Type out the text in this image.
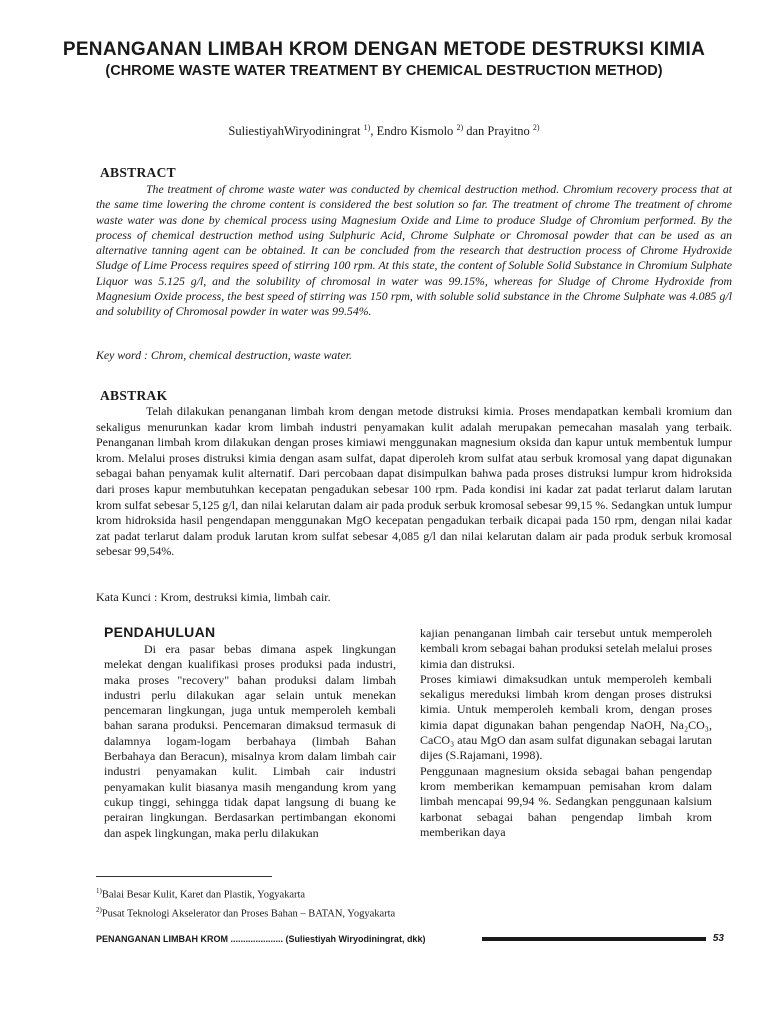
PENANGANAN LIMBAH KROM DENGAN METODE DESTRUKSI KIMIA
(CHROME WASTE WATER TREATMENT BY CHEMICAL DESTRUCTION METHOD)
SuliestiyahWiryodiningrat $^{1)}$, Endro Kismolo $^{2)}$ dan Prayitno $^{2)}$
ABSTRACT
The treatment of chrome waste water was conducted by chemical destruction method. Chromium recovery process that at the same time lowering the chrome content is considered the best solution so far. The treatment of chrome The treatment of chrome waste water was done by chemical process using Magnesium Oxide and Lime to produce Sludge of Chromium performed. By the process of chemical destruction method using Sulphuric Acid, Chrome Sulphate or Chromosal powder that can be used as an alternative tanning agent can be obtained. It can be concluded from the research that destruction process of Chrome Hydroxide Sludge of Lime Process requires speed of stirring 100 rpm. At this state, the content of Soluble Solid Substance in Chromium Sulphate Liquor was 5.125 g/l, and the solubility of chromosal in water was 99.15%, whereas for Sludge of Chrome Hydroxide from Magnesium Oxide process, the best speed of stirring was 150 rpm, with soluble solid substance in the Chrome Sulphate was 4.085 g/l and solubility of Chromosal powder in water was 99.54%.
Key word : Chrom, chemical destruction, waste water.
ABSTRAK
Telah dilakukan penanganan limbah krom dengan metode distruksi kimia. Proses mendapatkan kembali kromium dan sekaligus menurunkan kadar krom limbah industri penyamakan kulit adalah merupakan pemecahan masalah yang terbaik. Penanganan limbah krom dilakukan dengan proses kimiawi menggunakan magnesium oksida dan kapur untuk membentuk lumpur krom. Melalui proses distruksi kimia dengan asam sulfat, dapat diperoleh krom sulfat atau serbuk kromosal yang dapat digunakan sebagai bahan penyamak kulit alternatif. Dari percobaan dapat disimpulkan bahwa pada proses distruksi lumpur krom hidroksida dari proses kapur membutuhkan kecepatan pengadukan sebesar 100 rpm. Pada kondisi ini kadar zat padat terlarut dalam larutan krom sulfat sebesar 5,125 g/l, dan nilai kelarutan dalam air pada produk serbuk kromosal sebesar 99,15 %. Sedangkan untuk lumpur krom hidroksida hasil pengendapan menggunakan MgO kecepatan pengadukan terbaik dicapai pada 150 rpm, dengan nilai kadar zat padat terlarut dalam produk larutan krom sulfat sebesar 4,085 g/l dan nilai kelarutan dalam air pada produk serbuk kromosal sebesar 99,54%.
Kata Kunci : Krom, destruksi kimia, limbah cair.
PENDAHULUAN
Di era pasar bebas dimana aspek lingkungan melekat dengan kualifikasi proses produksi pada industri, maka proses "recovery" bahan produksi dalam limbah industri perlu dilakukan agar selain untuk menekan pencemaran lingkungan, juga untuk memperoleh kembali bahan sarana produksi. Pencemaran dimaksud termasuk di dalamnya logam-logam berbahaya (limbah Bahan Berbahaya dan Beracun), misalnya krom dalam limbah cair industri penyamakan kulit. Limbah cair industri penyamakan kulit biasanya masih mengandung krom yang cukup tinggi, sehingga tidak dapat langsung di buang ke perairan lingkungan. Berdasarkan pertimbangan ekonomi dan aspek lingkungan, maka perlu dilakukan

kajian penanganan limbah cair tersebut untuk memperoleh kembali krom sebagai bahan produksi setelah melalui proses kimia dan distruksi.

Proses kimiawi dimaksudkan untuk memperoleh kembali sekaligus mereduksi limbah krom dengan proses distruksi kimia. Untuk memperoleh kembali krom, dengan proses kimia dapat digunakan bahan pengendap NaOH, Na₂CO₃, CaCO₃ atau MgO dan asam sulfat digunakan sebagai larutan dijes (S.Rajamani, 1998).

Penggunaan magnesium oksida sebagai bahan pengendap krom memberikan kemampuan pemisahan krom dalam limbah mencapai 99,94 %. Sedangkan penggunaan kalsium karbonat sebagai bahan pengendap limbah krom memberikan daya

$^{1)}$Balai Besar Kulit, Karet dan Plastik, Yogyakarta
$^{2)}$Pusat Teknologi Akselerator dan Proses Bahan – BATAN, Yogyakarta
PENANGANAN LIMBAH KROM ..................... (Suliestiyah Wiryodiningrat, dkk)	53
